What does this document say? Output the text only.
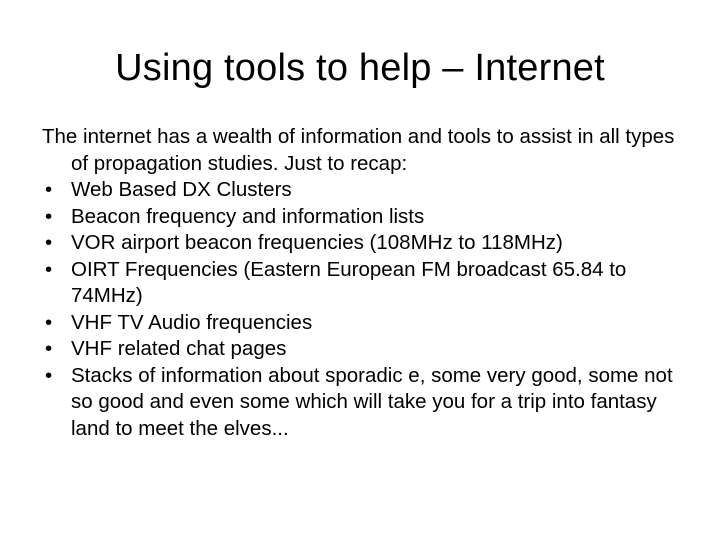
Using tools to help – Internet

The internet has a wealth of information and tools to assist in all types of propagation studies. Just to recap:

• Web Based DX Clusters
• Beacon frequency and information lists
• VOR airport beacon frequencies (108MHz to 118MHz)
• OIRT Frequencies (Eastern European FM broadcast 65.84 to 74MHz)
• VHF TV Audio frequencies
• VHF related chat pages
• Stacks of information about sporadic e, some very good, some not so good and even some which will take you for a trip into fantasy land to meet the elves...
